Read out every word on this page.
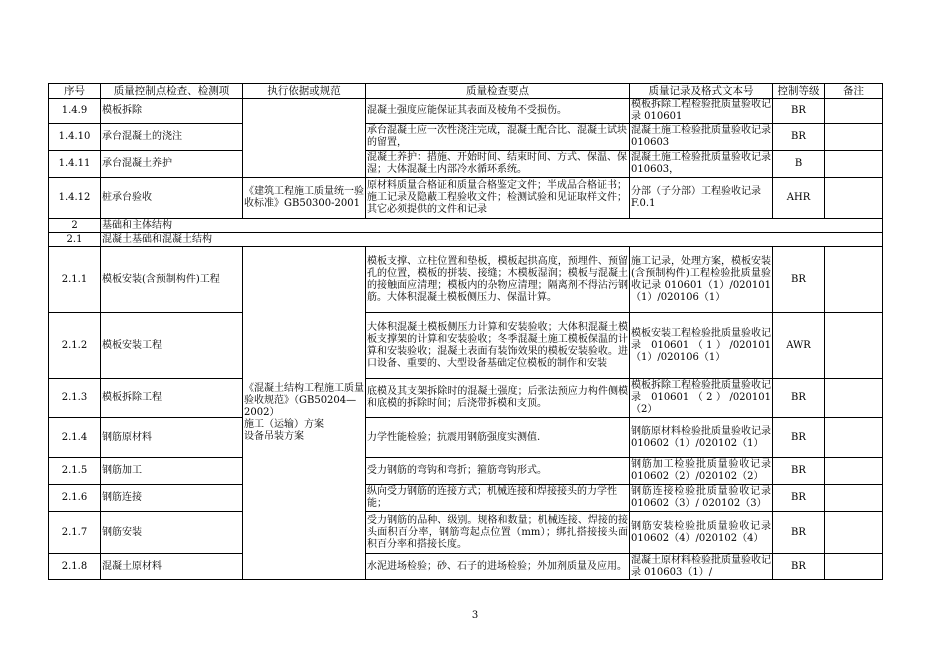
序号	质量控制点检查、检测项	执行依据或规范	质量检查要点	质量记录及格式文本号	控制等级	备注
1.4.9	模板拆除		混凝土强度应能保证其表面及棱角不受损伤。	模板拆除工程检验批质量验收记录 010601	BR	
1.4.10	承台混凝土的浇注		承台混凝土应一次性浇注完成，混凝土配合比、混凝土试块的留置，	混凝土施工检验批质量验收记录 010603	BR	
1.4.11	承台混凝土养护		混凝土养护：措施、开始时间、结束时间、方式、保温、保湿；大体混凝土内部冷水循环系统。	混凝土施工检验批质量验收记录 010603，	B	
1.4.12	桩承台验收	《建筑工程施工质量统一验收标准》GB50300-2001	原材料质量合格证和质量合格鉴定文件；半成品合格证书；施工记录及隐蔽工程验收文件；检测试验和见证取样文件；其它必须提供的文件和记录	分部（子分部）工程验收记录 F.0.1	AHR	
2	基础和主体结构					
2.1	混凝土基础和混凝土结构					
2.1.1	模板安装(含预制构件)工程	《混凝土结构工程施工质量验收规范》（GB50204—2002）
施工（运输）方案
设备吊装方案	模板支撑、立柱位置和垫板，模板起拱高度，预埋件、预留孔的位置，模板的拼装、接缝；木模板湿润；模板与混凝土的接触面应清理；模板内的杂物应清理；隔离剂不得沾污钢筋。大体积混凝土模板侧压力、保温计算。	施工记录，处理方案，模板安装(含预制构件)工程检验批质量验收记录 010601（1）/020101（1）/020106（1）	BR	
2.1.2	模板安装工程		大体积混凝土模板侧压力计算和安装验收；大体积混凝土模板支撑架的计算和安装验收；冬季混凝土施工模板保温的计算和安装验收；混凝土表面有装饰效果的模板安装验收。进口设备、重要的、大型设备基础定位模板的制作和安装	模板安装工程检验批质量验收记录 010601（1）/020101（1）/020106（1）	AWR	
2.1.3	模板拆除工程		底模及其支架拆除时的混凝土强度；后张法预应力构件侧模和底模的拆除时间；后浇带拆模和支顶。	模板拆除工程检验批质量验收记录 010601（2）/020101（2）	BR	
2.1.4	钢筋原材料		力学性能检验；抗震用钢筋强度实测值.	钢筋原材料检验批质量验收记录 010602（1）/020102（1）	BR	
2.1.5	钢筋加工		受力钢筋的弯钩和弯折；箍筋弯钩形式。	钢筋加工检验批质量验收记录 010602（2）/020102（2）	BR	
2.1.6	钢筋连接		纵向受力钢筋的连接方式；机械连接和焊接接头的力学性能；	钢筋连接检验批质量验收记录 010602（3）/ 020102（3）	BR	
2.1.7	钢筋安装		受力钢筋的品种、级别。规格和数量；机械连接、焊接的接头面积百分率，钢筋弯起点位置（mm）；绑扎搭接接头面积百分率和搭接长度。	钢筋安装检验批质量验收记录 010602（4）/020102（4）	BR	
2.1.8	混凝土原材料		水泥进场检验；砂、石子的进场检验；外加剂质量及应用。	混凝土原材料检验批质量验收记录 010603（1）/	BR	
3
